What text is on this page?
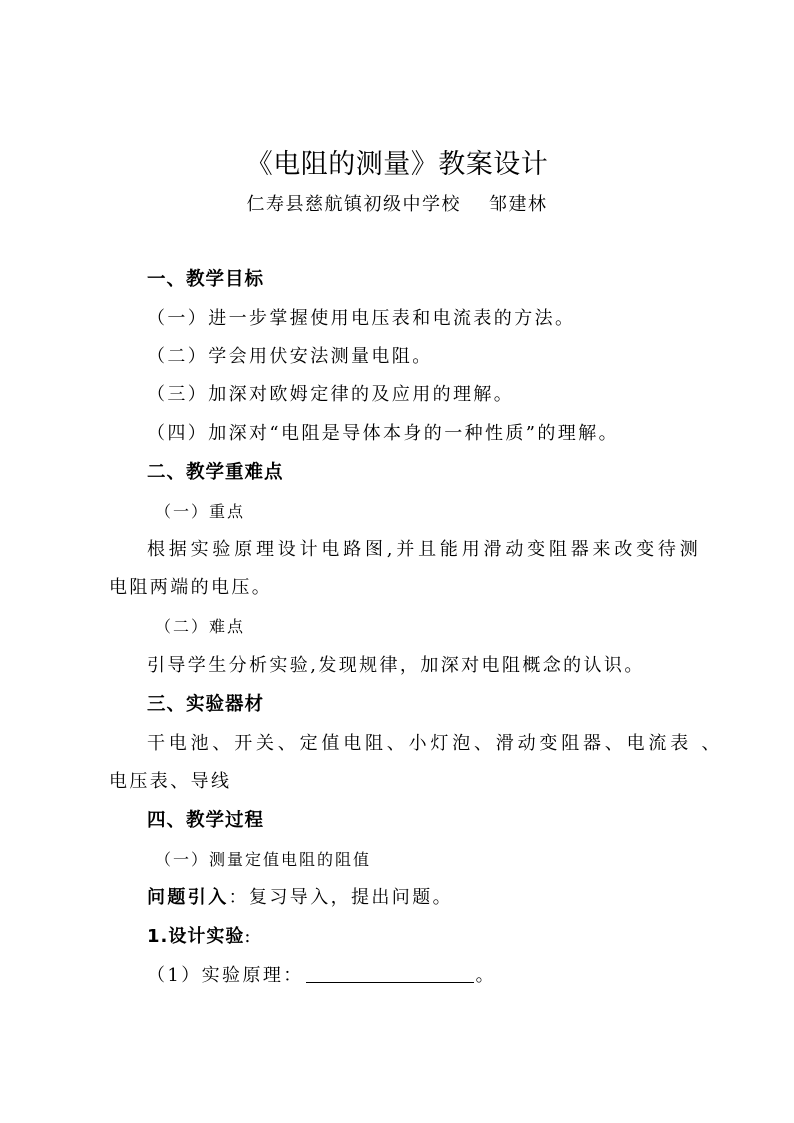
《电阻的测量》教案设计
仁寿县慈航镇初级中学校 邹建林
一、教学目标
（一）进一步掌握使用电压表和电流表的方法。
（二）学会用伏安法测量电阻。
（三）加深对欧姆定律的及应用的理解。
（四）加深对“电阻是导体本身的一种性质”的理解。
二、教学重难点
（一）重点
根据实验原理设计电路图,并且能用滑动变阻器来改变待测
电阻两端的电压。
（二）难点
引导学生分析实验,发现规律，加深对电阻概念的认识。
三、实验器材
干电池、开关、定值电阻、小灯泡、滑动变阻器、电流表 、
电压表、导线
四、教学过程
（一）测量定值电阻的阻值
问题引入：复习导入，提出问题。
1.设计实验:
（1）实验原理：	。
